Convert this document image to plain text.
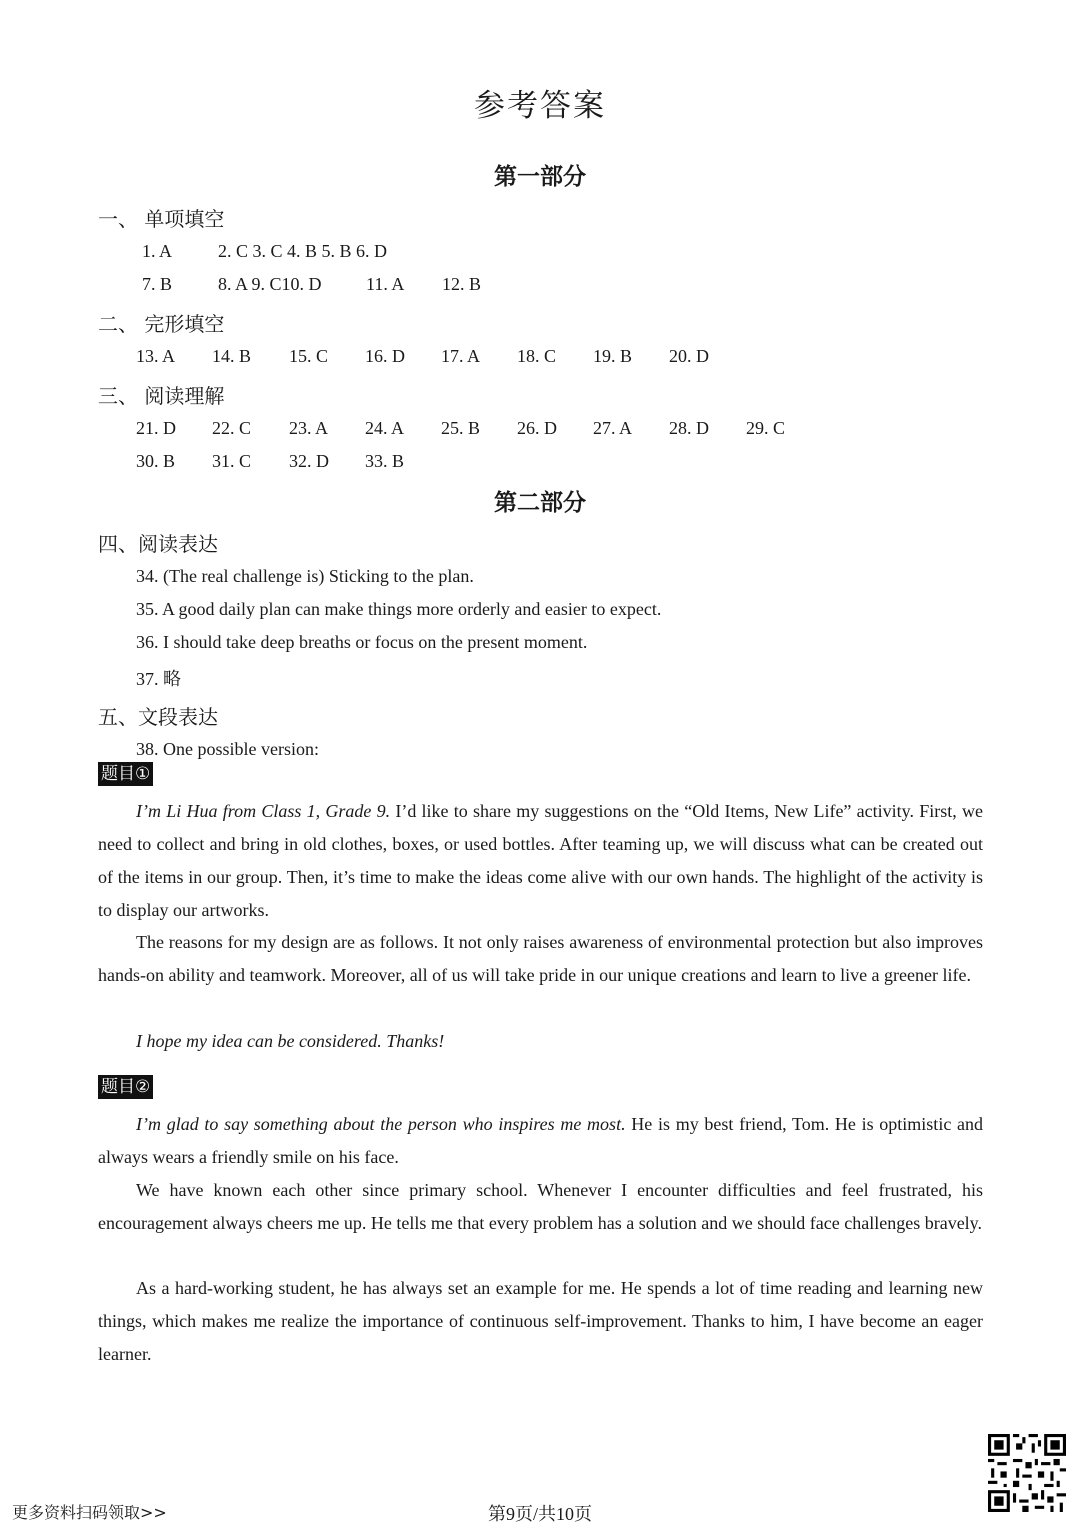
参考答案
第一部分
一、 单项填空
1. A	2. C 3. C 4. B 5. B 6. D
7. B	8. A 9. C10. D 11. A 12. B
二、 完形填空
13. A 14. B 15. C 16. D 17. A 18. C 19. B 20. D
三、 阅读理解
21. D 22. C 23. A 24. A 25. B 26. D 27. A 28. D 29. C
30. B 31. C 32. D 33. B
第二部分
四、阅读表达
34. (The real challenge is) Sticking to the plan.
35. A good daily plan can make things more orderly and easier to expect.
36. I should take deep breaths or focus on the present moment.
37. 略
五、文段表达
38. One possible version:
题目①
I’m Li Hua from Class 1, Grade 9. I’d like to share my suggestions on the “Old Items, New Life” activity. First, we need to collect and bring in old clothes, boxes, or used bottles. After teaming up, we will discuss what can be created out of the items in our group. Then, it’s time to make the ideas come alive with our own hands. The highlight of the activity is to display our artworks.
The reasons for my design are as follows. It not only raises awareness of environmental protection but also improves hands-on ability and teamwork. Moreover, all of us will take pride in our unique creations and learn to live a greener life.
I hope my idea can be considered. Thanks!
题目②
I’m glad to say something about the person who inspires me most. He is my best friend, Tom. He is optimistic and always wears a friendly smile on his face.
We have known each other since primary school. Whenever I encounter difficulties and feel frustrated, his encouragement always cheers me up. He tells me that every problem has a solution and we should face challenges bravely.
As a hard-working student, he has always set an example for me. He spends a lot of time reading and learning new things, which makes me realize the importance of continuous self-improvement. Thanks to him, I have become an eager learner.
更多资料扫码领取>>	第9页/共10页
